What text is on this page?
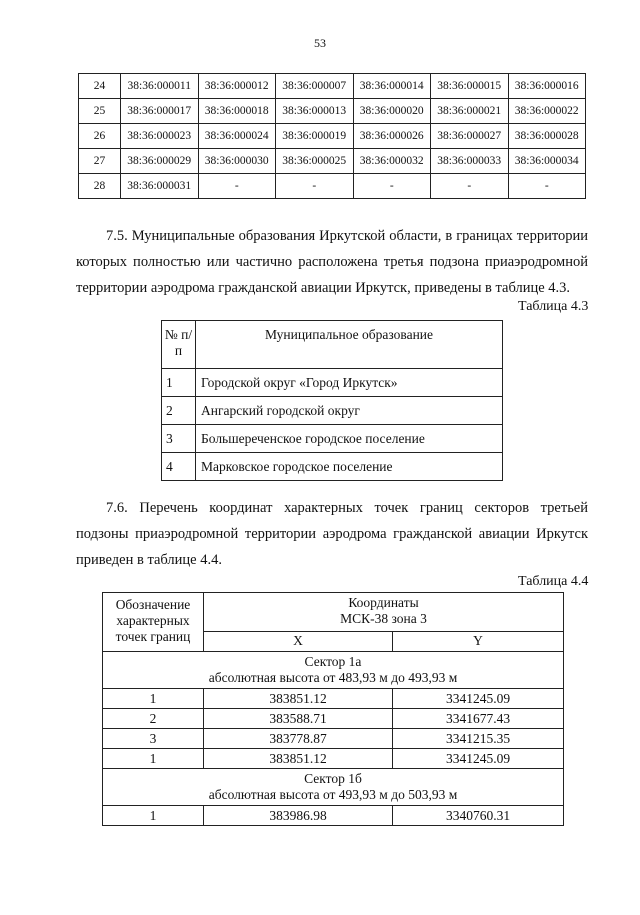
53
24	38:36:000011	38:36:000012	38:36:000007	38:36:000014	38:36:000015	38:36:000016
25	38:36:000017	38:36:000018	38:36:000013	38:36:000020	38:36:000021	38:36:000022
26	38:36:000023	38:36:000024	38:36:000019	38:36:000026	38:36:000027	38:36:000028
27	38:36:000029	38:36:000030	38:36:000025	38:36:000032	38:36:000033	38:36:000034
28	38:36:000031	-	-	-	-	-

7.5. Муниципальные образования Иркутской области, в границах территории которых полностью или частично расположена третья подзона приаэродромной территории аэродрома гражданской авиации Иркутск, приведены в таблице 4.3.

Таблица 4.3
№ п/п	Муниципальное образование
1	Городской округ «Город Иркутск»
2	Ангарский городской округ
3	Большереченское городское поселение
4	Марковское городское поселение

7.6. Перечень координат характерных точек границ секторов третьей подзоны приаэродромной территории аэродрома гражданской авиации Иркутск приведен в таблице 4.4.

Таблица 4.4
Обозначение характерных точек границ	Координаты
МСК-38 зона 3	
	X	Y
Сектор 1а
абсолютная высота от 483,93 м до 493,93 м		
1	383851.12	3341245.09
2	383588.71	3341677.43
3	383778.87	3341215.35
1	383851.12	3341245.09
Сектор 1б
абсолютная высота от 493,93 м до 503,93 м		
1	383986.98	3340760.31
